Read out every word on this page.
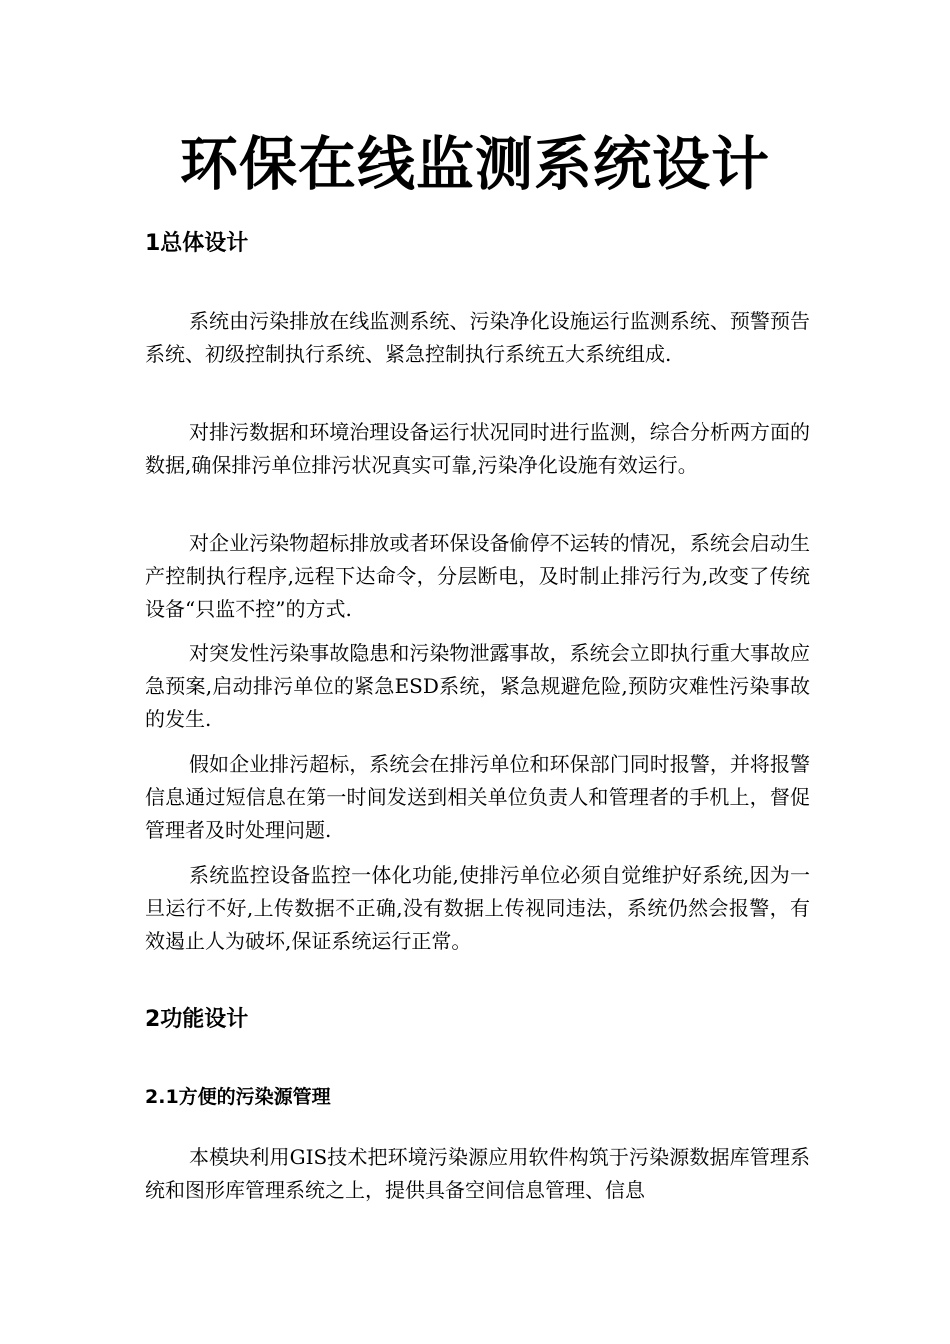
环保在线监测系统设计
1总体设计

系统由污染排放在线监测系统、污染净化设施运行监测系统、预警预告系统、初级控制执行系统、紧急控制执行系统五大系统组成.

对排污数据和环境治理设备运行状况同时进行监测，综合分析两方面的数据,确保排污单位排污状况真实可靠,污染净化设施有效运行。

对企业污染物超标排放或者环保设备偷停不运转的情况，系统会启动生产控制执行程序,远程下达命令，分层断电，及时制止排污行为,改变了传统设备“只监不控”的方式.

对突发性污染事故隐患和污染物泄露事故，系统会立即执行重大事故应急预案,启动排污单位的紧急ESD系统，紧急规避危险,预防灾难性污染事故的发生.

假如企业排污超标，系统会在排污单位和环保部门同时报警，并将报警信息通过短信息在第一时间发送到相关单位负责人和管理者的手机上，督促管理者及时处理问题.

系统监控设备监控一体化功能,使排污单位必须自觉维护好系统,因为一旦运行不好,上传数据不正确,没有数据上传视同违法，系统仍然会报警，有效遏止人为破坏,保证系统运行正常。

2功能设计
2.1方便的污染源管理

本模块利用GIS技术把环境污染源应用软件构筑于污染源数据库管理系统和图形库管理系统之上，提供具备空间信息管理、信息
